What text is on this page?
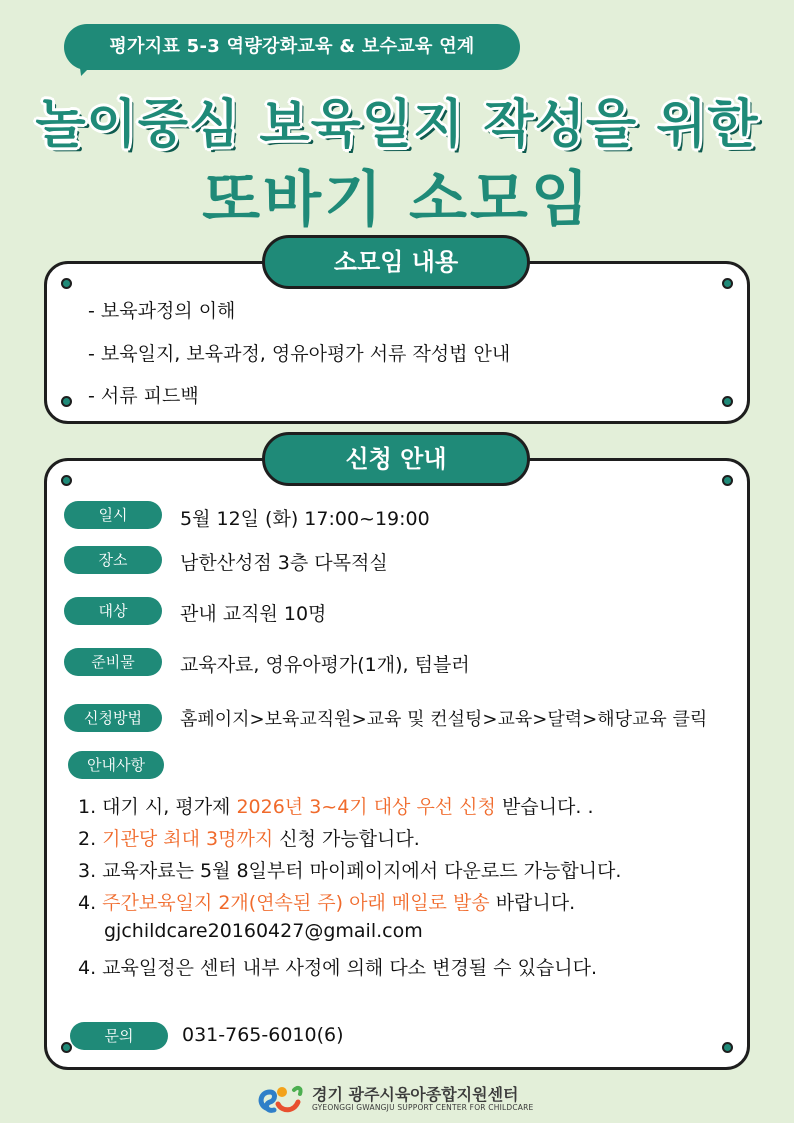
평가지표 5-3 역량강화교육 & 보수교육 연계
놀이중심 보육일지 작성을 위한
또바기 소모임
소모임 내용
- 보육과정의 이해
- 보육일지, 보육과정, 영유아평가 서류 작성법 안내
- 서류 피드백
신청 안내
일시	5월 12일 (화) 17:00~19:00
장소	남한산성점 3층 다목적실
대상	관내 교직원 10명
준비물	교육자료, 영유아평가(1개), 텀블러
신청방법	홈페이지>보육교직원>교육 및 컨설팅>교육>달력>해당교육 클릭
안내사항
1. 대기 시, 평가제 2026년 3~4기 대상 우선 신청 받습니다. .
2. 기관당 최대 3명까지 신청 가능합니다.
3. 교육자료는 5월 8일부터 마이페이지에서 다운로드 가능합니다.
4. 주간보육일지 2개(연속된 주) 아래 메일로 발송 바랍니다.
gjchildcare20160427@gmail.com
4. 교육일정은 센터 내부 사정에 의해 다소 변경될 수 있습니다.
문의	031-765-6010(6)
경기 광주시육아종합지원센터
GYEONGGI GWANGJU SUPPORT CENTER FOR CHILDCARE
